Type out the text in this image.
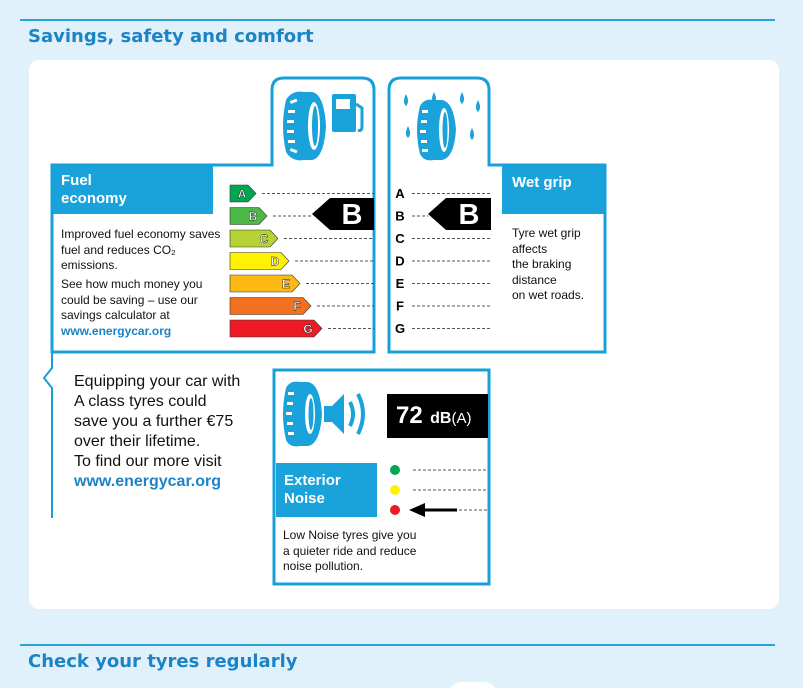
Savings, safety and comfort
Fuel
economy
Improved fuel economy saves fuel and reduces CO₂ emissions.
See how much money you could be saving – use our savings calculator at
www.energycar.org
A
B
C
D
E
F
G
B
Wet grip
Tyre wet grip
affects
the braking
distance
on wet roads.
A
B
C
D
E
F
G
B
Equipping your car with
A class tyres could
save you a further €75
over their lifetime.
To find our more visit
www.energycar.org
72 dB(A)
Exterior
Noise
Low Noise tyres give you
a quieter ride and reduce
noise pollution.
Check your tyres regularly
